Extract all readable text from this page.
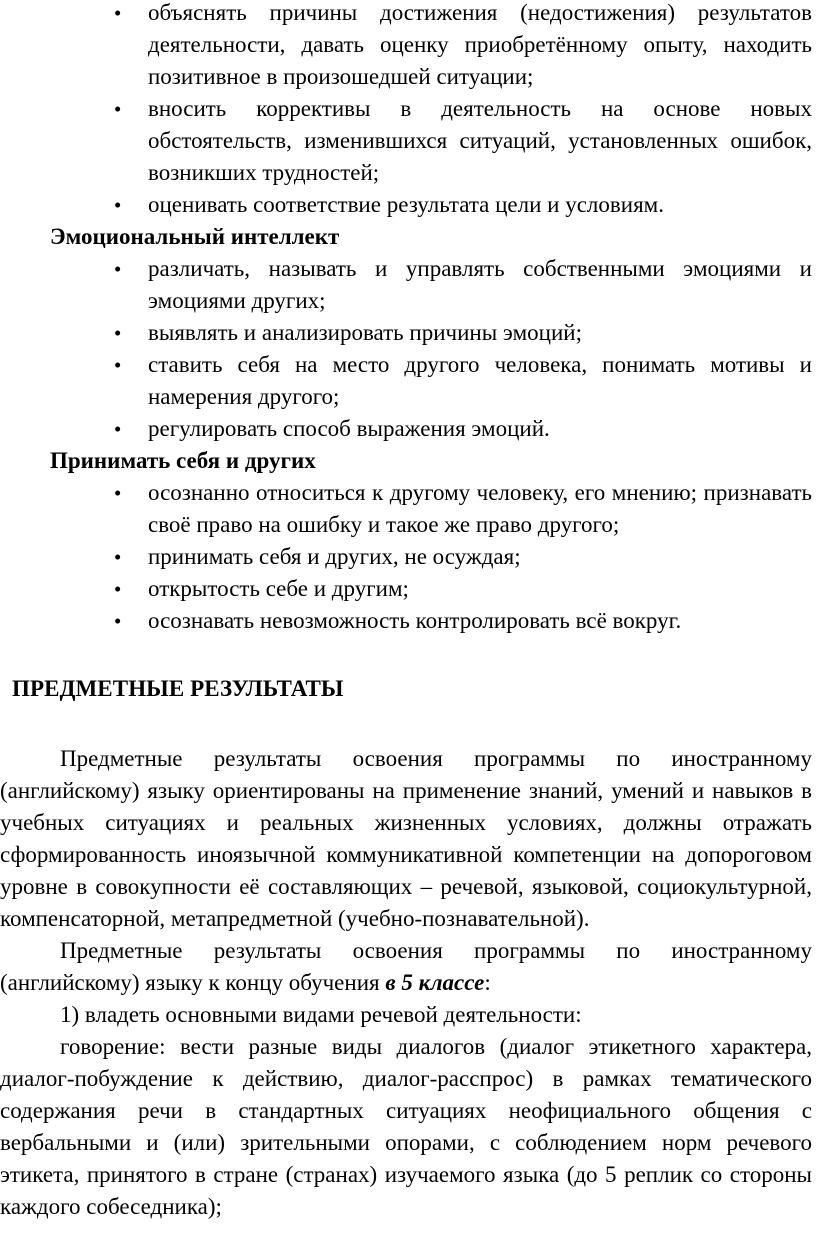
• объяснять причины достижения (недостижения) результатов деятельности, давать оценку приобретённому опыту, находить позитивное в произошедшей ситуации;
• вносить коррективы в деятельность на основе новых обстоятельств, изменившихся ситуаций, установленных ошибок, возникших трудностей;
• оценивать соответствие результата цели и условиям.
Эмоциональный интеллект
• различать, называть и управлять собственными эмоциями и эмоциями других;
• выявлять и анализировать причины эмоций;
• ставить себя на место другого человека, понимать мотивы и намерения другого;
• регулировать способ выражения эмоций.
Принимать себя и других
• осознанно относиться к другому человеку, его мнению; признавать своё право на ошибку и такое же право другого;
• принимать себя и других, не осуждая;
• открытость себе и другим;
• осознавать невозможность контролировать всё вокруг.
ПРЕДМЕТНЫЕ РЕЗУЛЬТАТЫ

Предметные результаты освоения программы по иностранному (английскому) языку ориентированы на применение знаний, умений и навыков в учебных ситуациях и реальных жизненных условиях, должны отражать сформированность иноязычной коммуникативной компетенции на допороговом уровне в совокупности её составляющих – речевой, языковой, социокультурной, компенсаторной, метапредметной (учебно-познавательной).

Предметные результаты освоения программы по иностранному (английскому) языку к концу обучения в 5 классе:

1) владеть основными видами речевой деятельности:

говорение: вести разные виды диалогов (диалог этикетного характера, диалог-побуждение к действию, диалог-расспрос) в рамках тематического содержания речи в стандартных ситуациях неофициального общения с вербальными и (или) зрительными опорами, с соблюдением норм речевого этикета, принятого в стране (странах) изучаемого языка (до 5 реплик со стороны каждого собеседника);
